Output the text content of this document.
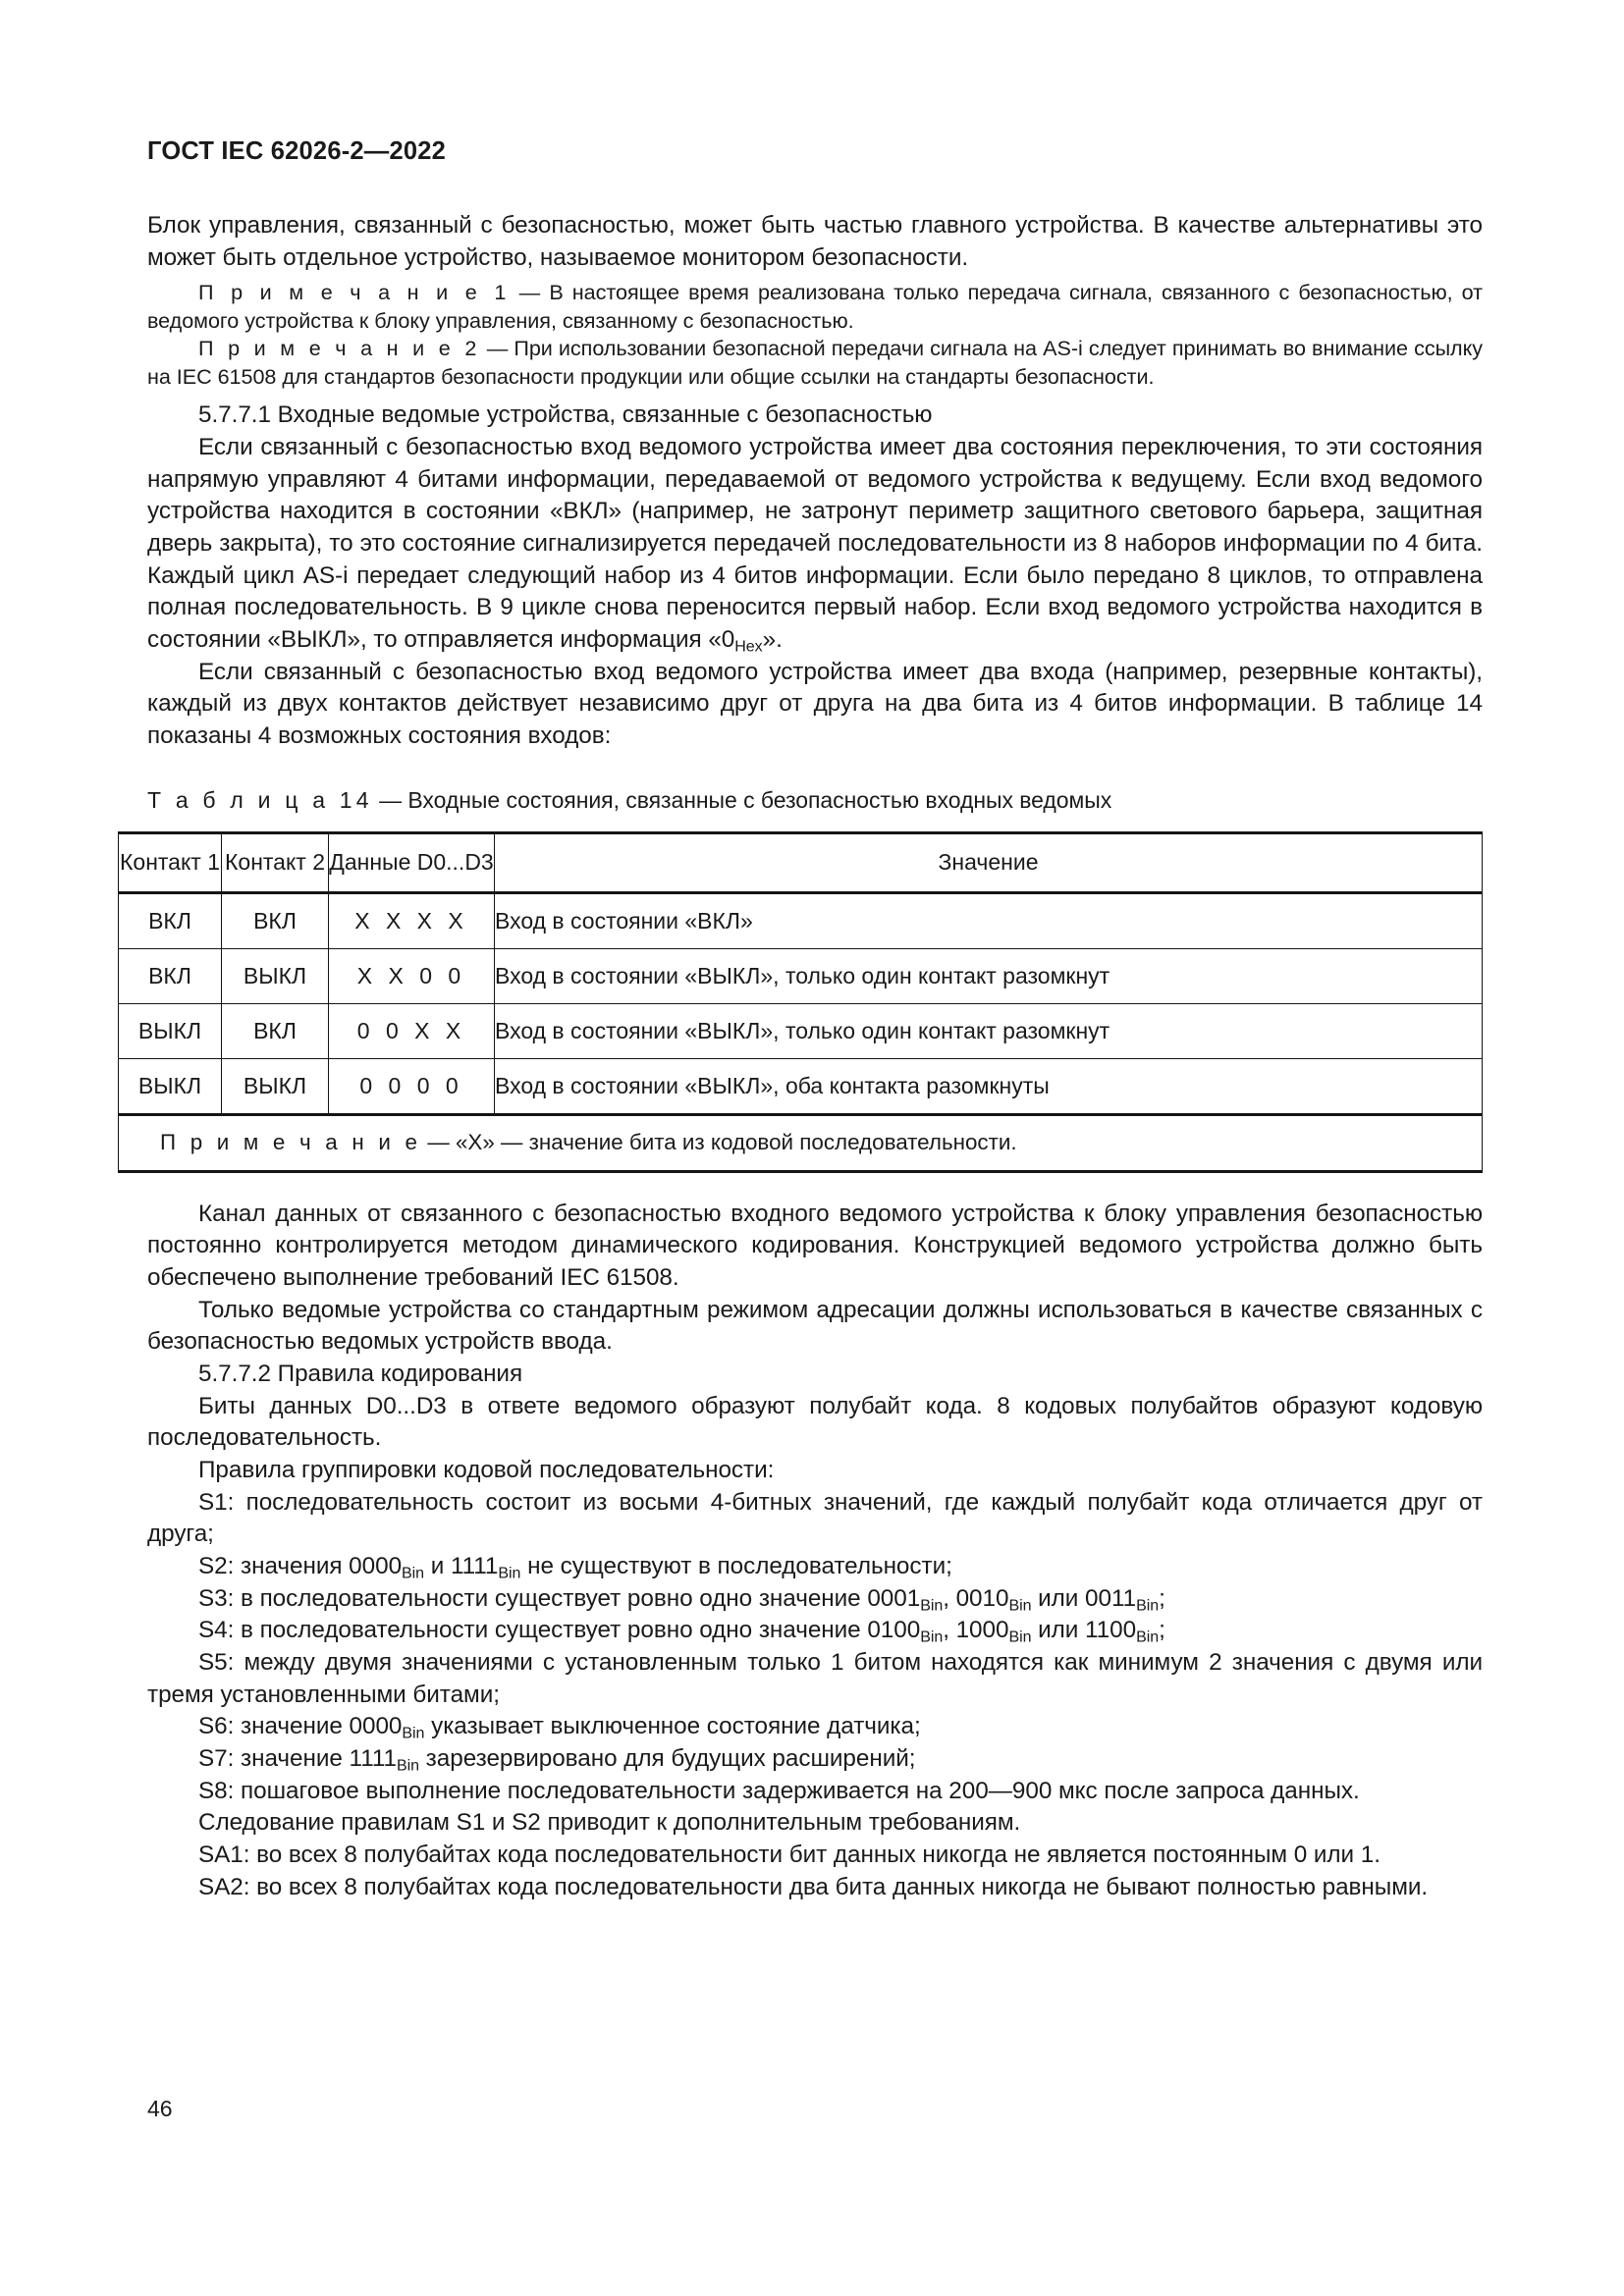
ГОСТ IEC 62026-2—2022

Блок управления, связанный с безопасностью, может быть частью главного устройства. В качестве альтернативы это может быть отдельное устройство, называемое монитором безопасности.

П р и м е ч а н и е 1 — В настоящее время реализована только передача сигнала, связанного с безопасностью, от ведомого устройства к блоку управления, связанному с безопасностью.

П р и м е ч а н и е 2 — При использовании безопасной передачи сигнала на AS-i следует принимать во внимание ссылку на IEC 61508 для стандартов безопасности продукции или общие ссылки на стандарты безопасности.

5.7.7.1 Входные ведомые устройства, связанные с безопасностью

Если связанный с безопасностью вход ведомого устройства имеет два состояния переключения, то эти состояния напрямую управляют 4 битами информации, передаваемой от ведомого устройства к ведущему. Если вход ведомого устройства находится в состоянии «ВКЛ» (например, не затронут периметр защитного светового барьера, защитная дверь закрыта), то это состояние сигнализируется передачей последовательности из 8 наборов информации по 4 бита. Каждый цикл AS-i передает следующий набор из 4 битов информации. Если было передано 8 циклов, то отправлена полная последовательность. В 9 цикле снова переносится первый набор. Если вход ведомого устройства находится в состоянии «ВЫКЛ», то отправляется информация «$0_{Hex}$».

Если связанный с безопасностью вход ведомого устройства имеет два входа (например, резервные контакты), каждый из двух контактов действует независимо друг от друга на два бита из 4 битов информации. В таблице 14 показаны 4 возможных состояния входов:

Т а б л и ц а 14 — Входные состояния, связанные с безопасностью входных ведомых
Контакт 1	Контакт 2	Данные D0...D3	Значение
ВКЛ	ВКЛ	X X X X	Вход в состоянии «ВКЛ»
ВКЛ	ВЫКЛ	X X 0 0	Вход в состоянии «ВЫКЛ», только один контакт разомкнут
ВЫКЛ	ВКЛ	0 0 X X	Вход в состоянии «ВЫКЛ», только один контакт разомкнут
ВЫКЛ	ВЫКЛ	0 0 0 0	Вход в состоянии «ВЫКЛ», оба контакта разомкнуты
П р и м е ч а н и е — «X» — значение бита из кодовой последовательности.			

Канал данных от связанного с безопасностью входного ведомого устройства к блоку управления безопасностью постоянно контролируется методом динамического кодирования. Конструкцией ведомого устройства должно быть обеспечено выполнение требований IEC 61508.

Только ведомые устройства со стандартным режимом адресации должны использоваться в качестве связанных с безопасностью ведомых устройств ввода.

5.7.7.2 Правила кодирования

Биты данных D0...D3 в ответе ведомого образуют полубайт кода. 8 кодовых полубайтов образуют кодовую последовательность.

Правила группировки кодовой последовательности:

S1: последовательность состоит из восьми 4-битных значений, где каждый полубайт кода отличается друг от друга;

S2: значения $0000_{Bin}$ и $1111_{Bin}$ не существуют в последовательности;

S3: в последовательности существует ровно одно значение $0001_{Bin}$, $0010_{Bin}$ или $0011_{Bin}$;

S4: в последовательности существует ровно одно значение $0100_{Bin}$, $1000_{Bin}$ или $1100_{Bin}$;

S5: между двумя значениями с установленным только 1 битом находятся как минимум 2 значения с двумя или тремя установленными битами;

S6: значение $0000_{Bin}$ указывает выключенное состояние датчика;

S7: значение $1111_{Bin}$ зарезервировано для будущих расширений;

S8: пошаговое выполнение последовательности задерживается на 200—900 мкс после запроса данных.

Следование правилам S1 и S2 приводит к дополнительным требованиям.

SA1: во всех 8 полубайтах кода последовательности бит данных никогда не является постоянным 0 или 1.

SA2: во всех 8 полубайтах кода последовательности два бита данных никогда не бывают полностью равными.

46
